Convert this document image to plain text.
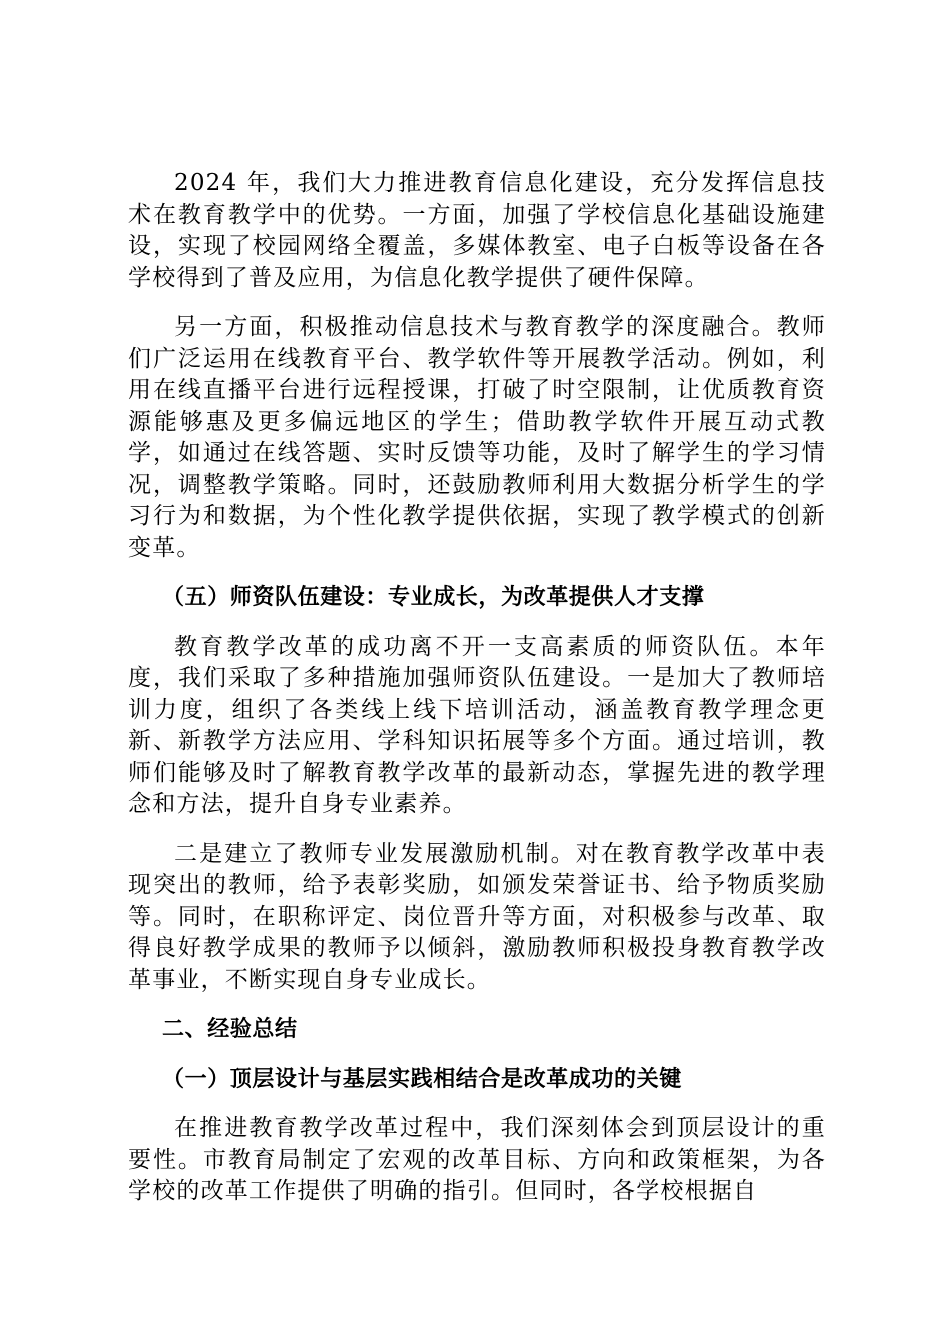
2024 年，我们大力推进教育信息化建设，充分发挥信息技术在教育教学中的优势。一方面，加强了学校信息化基础设施建设，实现了校园网络全覆盖，多媒体教室、电子白板等设备在各学校得到了普及应用，为信息化教学提供了硬件保障。

另一方面，积极推动信息技术与教育教学的深度融合。教师们广泛运用在线教育平台、教学软件等开展教学活动。例如，利用在线直播平台进行远程授课，打破了时空限制，让优质教育资源能够惠及更多偏远地区的学生；借助教学软件开展互动式教学，如通过在线答题、实时反馈等功能，及时了解学生的学习情况，调整教学策略。同时，还鼓励教师利用大数据分析学生的学习行为和数据，为个性化教学提供依据，实现了教学模式的创新变革。

（五）师资队伍建设：专业成长，为改革提供人才支撑

教育教学改革的成功离不开一支高素质的师资队伍。本年度，我们采取了多种措施加强师资队伍建设。一是加大了教师培训力度，组织了各类线上线下培训活动，涵盖教育教学理念更新、新教学方法应用、学科知识拓展等多个方面。通过培训，教师们能够及时了解教育教学改革的最新动态，掌握先进的教学理念和方法，提升自身专业素养。

二是建立了教师专业发展激励机制。对在教育教学改革中表现突出的教师，给予表彰奖励，如颁发荣誉证书、给予物质奖励等。同时，在职称评定、岗位晋升等方面，对积极参与改革、取得良好教学成果的教师予以倾斜，激励教师积极投身教育教学改革事业，不断实现自身专业成长。

二、经验总结

（一）顶层设计与基层实践相结合是改革成功的关键

在推进教育教学改革过程中，我们深刻体会到顶层设计的重要性。市教育局制定了宏观的改革目标、方向和政策框架，为各学校的改革工作提供了明确的指引。但同时，各学校根据自
